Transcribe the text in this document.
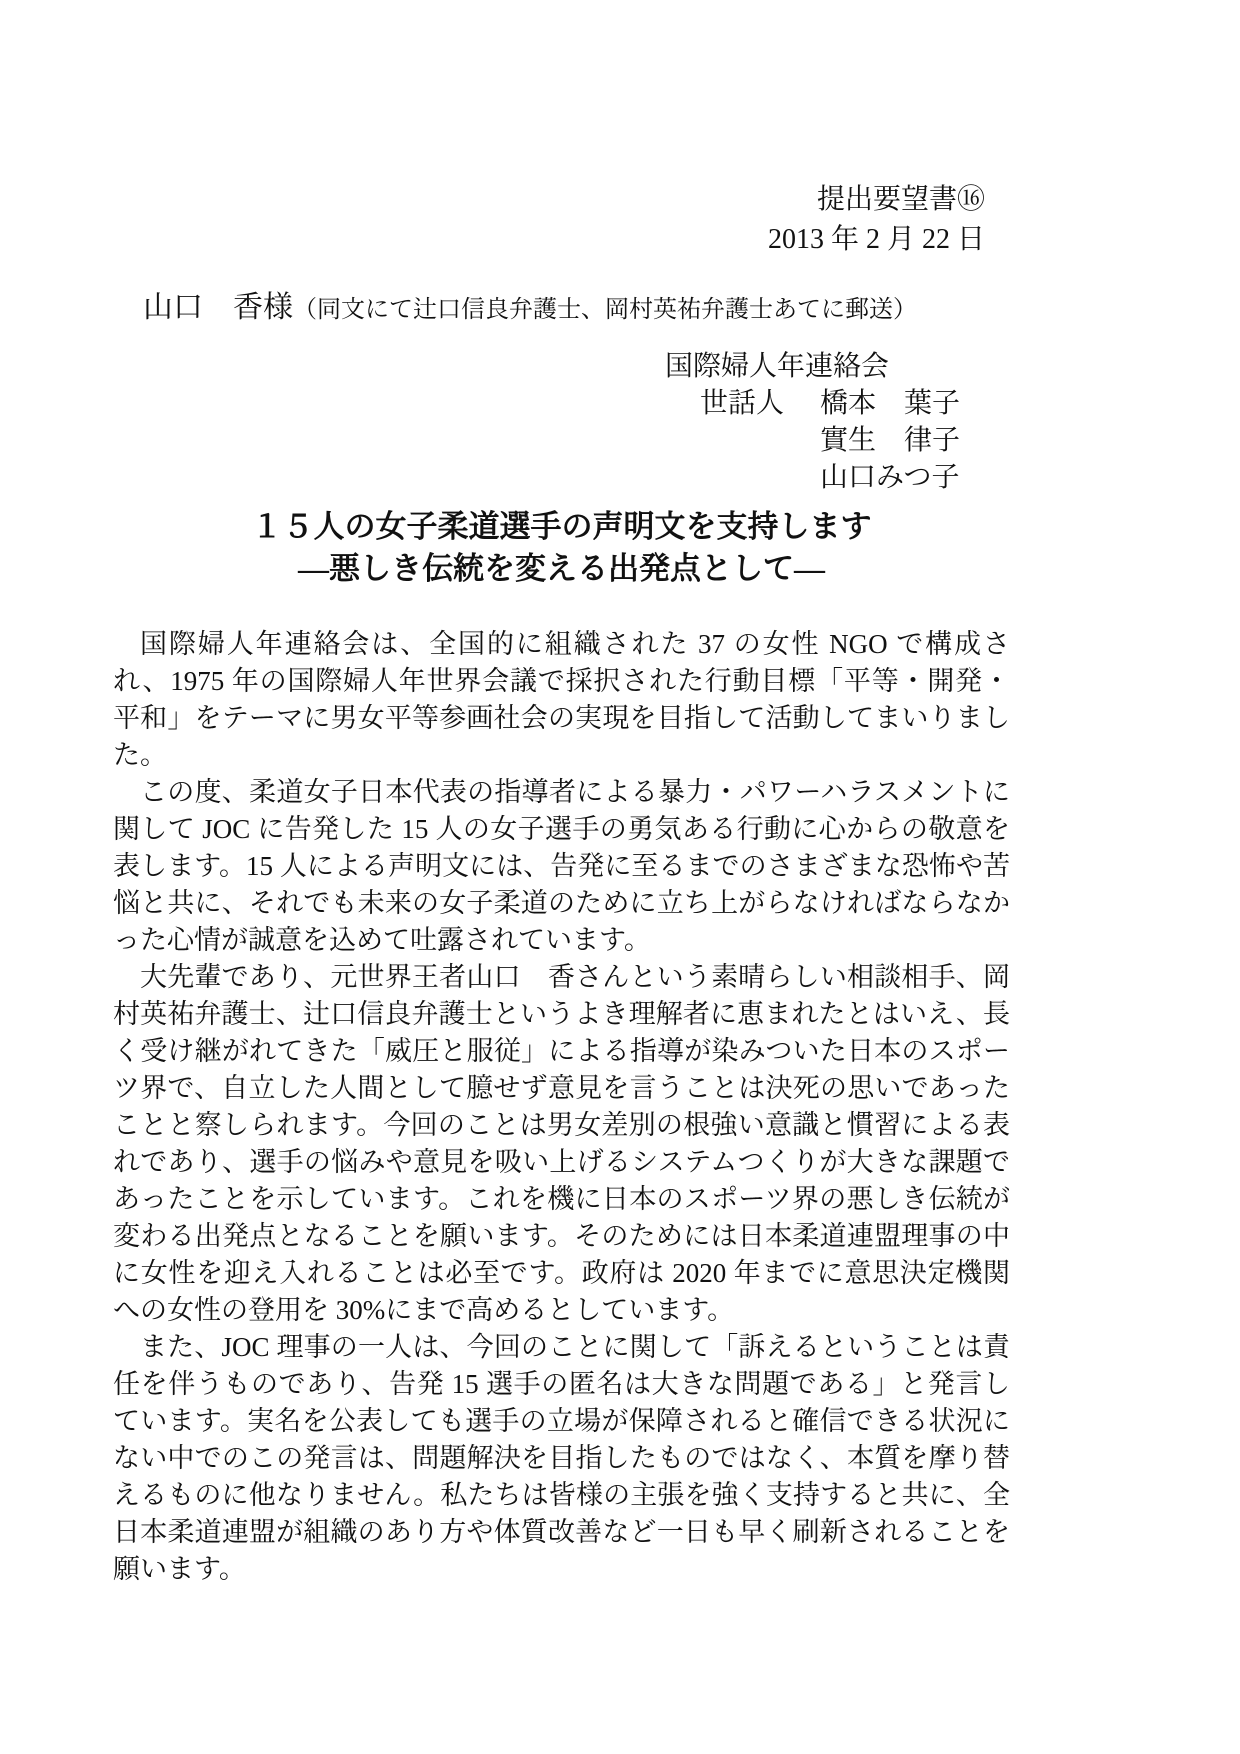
提出要望書⑯
2013 年 2 月 22 日
山口　香様（同文にて辻口信良弁護士、岡村英祐弁護士あてに郵送）
国際婦人年連絡会
世話人	橋本　葉子
實生　律子
山口みつ子
１５人の女子柔道選手の声明文を支持します
―悪しき伝統を変える出発点として―

国際婦人年連絡会は、全国的に組織された 37 の女性 NGO で構成され、1975 年の国際婦人年世界会議で採択された行動目標「平等・開発・平和」をテーマに男女平等参画社会の実現を目指して活動してまいりました。

この度、柔道女子日本代表の指導者による暴力・パワーハラスメントに関して JOC に告発した 15 人の女子選手の勇気ある行動に心からの敬意を表します。15 人による声明文には、告発に至るまでのさまざまな恐怖や苦悩と共に、それでも未来の女子柔道のために立ち上がらなければならなかった心情が誠意を込めて吐露されています。

大先輩であり、元世界王者山口　香さんという素晴らしい相談相手、岡村英祐弁護士、辻口信良弁護士というよき理解者に恵まれたとはいえ、長く受け継がれてきた「威圧と服従」による指導が染みついた日本のスポーツ界で、自立した人間として臆せず意見を言うことは決死の思いであったことと察しられます。今回のことは男女差別の根強い意識と慣習による表れであり、選手の悩みや意見を吸い上げるシステムつくりが大きな課題であったことを示しています。これを機に日本のスポーツ界の悪しき伝統が変わる出発点となることを願います。そのためには日本柔道連盟理事の中に女性を迎え入れることは必至です。政府は 2020 年までに意思決定機関への女性の登用を 30%にまで高めるとしています。

また、JOC 理事の一人は、今回のことに関して「訴えるということは責任を伴うものであり、告発 15 選手の匿名は大きな問題である」と発言しています。実名を公表しても選手の立場が保障されると確信できる状況にない中でのこの発言は、問題解決を目指したものではなく、本質を摩り替えるものに他なりません。私たちは皆様の主張を強く支持すると共に、全日本柔道連盟が組織のあり方や体質改善など一日も早く刷新されることを願います。
